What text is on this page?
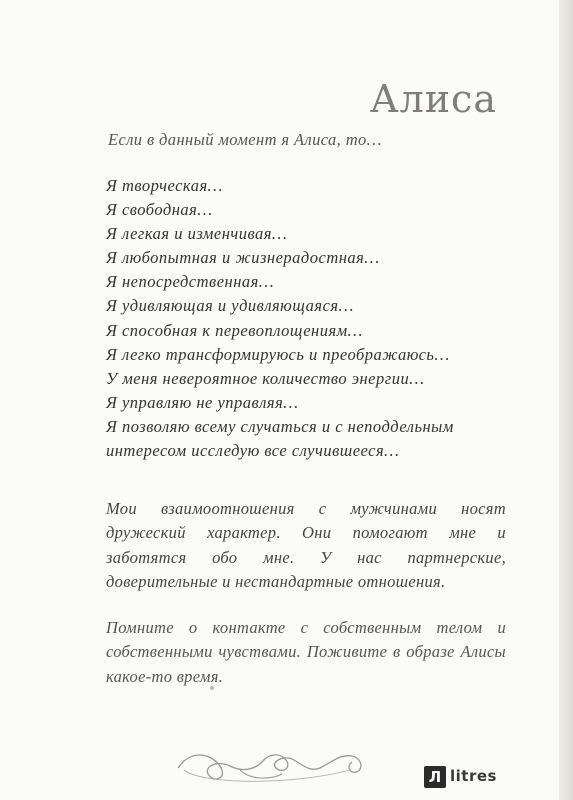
Алиса
Если в данный момент я Алиса, то…
Я творческая…
Я свободная…
Я легкая и изменчивая…
Я любопытная и жизнерадостная…
Я непосредственная…
Я удивляющая и удивляющаяся…
Я способная к перевоплощениям…
Я легко трансформируюсь и преображаюсь…
У меня невероятное количество энергии…
Я управляю не управляя…
Я позволяю всему случаться и с неподдельным интересом исследую все случившееся…

Мои взаимоотношения с мужчинами носят дружеский характер. Они помогают мне и заботятся обо мне. У нас партнерские, доверительные и нестандартные отношения.

Помните о контакте с собственным телом и собственными чувствами. Поживите в образе Алисы какое-то время.

Л litres
